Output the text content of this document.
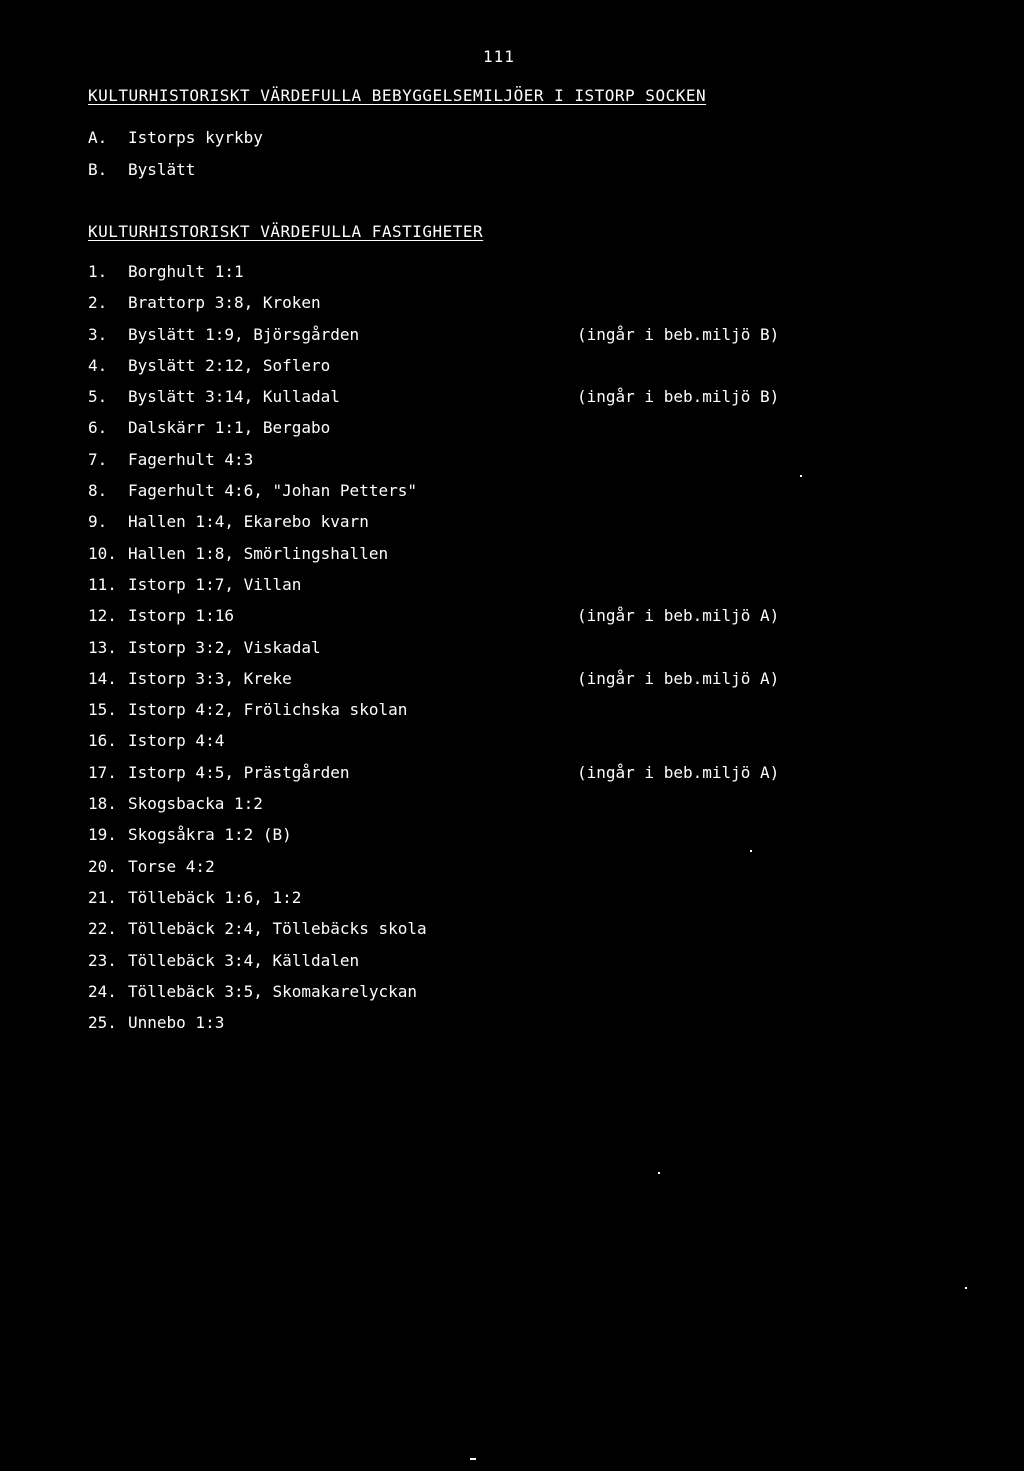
111
KULTURHISTORISKT VÄRDEFULLA BEBYGGELSEMILJÖER I ISTORP SOCKEN
A. Istorps kyrkby
B. Byslätt
KULTURHISTORISKT VÄRDEFULLA FASTIGHETER
1. Borghult 1:1
2. Brattorp 3:8, Kroken
3. Byslätt 1:9, Björsgården	(ingår i beb.miljö B)
4. Byslätt 2:12, Soflero
5. Byslätt 3:14, Kulladal	(ingår i beb.miljö B)
6. Dalskärr 1:1, Bergabo
7. Fagerhult 4:3
8. Fagerhult 4:6, "Johan Petters"
9. Hallen 1:4, Ekarebo kvarn
10. Hallen 1:8, Smörlingshallen
11. Istorp 1:7, Villan
12. Istorp 1:16	(ingår i beb.miljö A)
13. Istorp 3:2, Viskadal
14. Istorp 3:3, Kreke	(ingår i beb.miljö A)
15. Istorp 4:2, Frölichska skolan
16. Istorp 4:4
17. Istorp 4:5, Prästgården	(ingår i beb.miljö A)
18. Skogsbacka 1:2
19. Skogsåkra 1:2 (B)
20. Torse 4:2
21. Töllebäck 1:6, 1:2
22. Töllebäck 2:4, Töllebäcks skola
23. Töllebäck 3:4, Källdalen
24. Töllebäck 3:5, Skomakarelyckan
25. Unnebo 1:3
